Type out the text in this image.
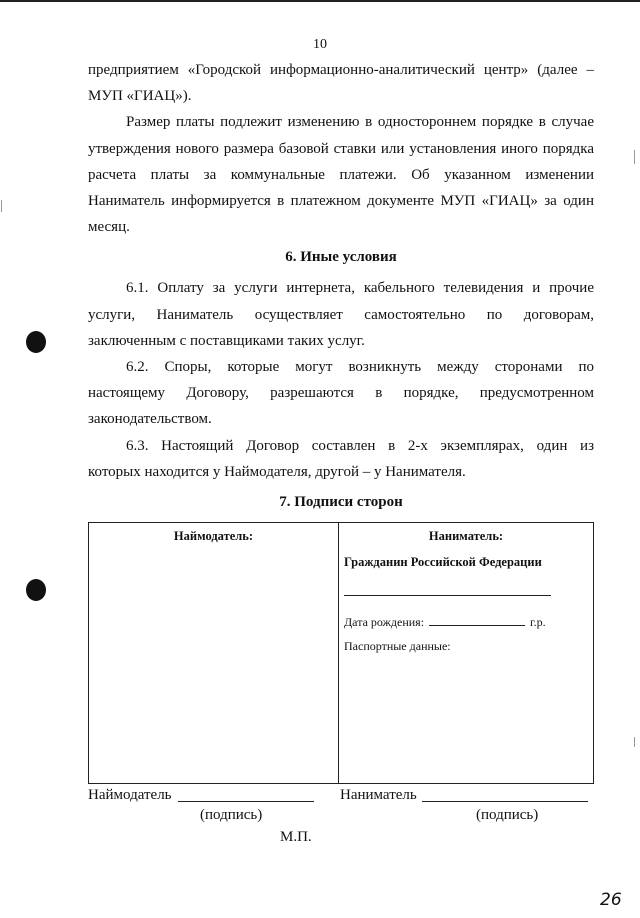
10
предприятием «Городской информационно-аналитический центр» (далее –
МУП «ГИАЦ»).
Размер платы подлежит изменению в одностороннем порядке в случае
утверждения нового размера базовой ставки или установления иного порядка
расчета платы за коммунальные платежи. Об указанном изменении
Наниматель информируется в платежном документе МУП «ГИАЦ» за один
месяц.
6. Иные условия
6.1. Оплату за услуги интернета, кабельного телевидения и прочие
услуги, Наниматель осуществляет самостоятельно по договорам,
заключенным с поставщиками таких услуг.
6.2. Споры, которые могут возникнуть между сторонами по
настоящему Договору, разрешаются в порядке, предусмотренном
законодательством.
6.3. Настоящий Договор составлен в 2-х экземплярах, один из
которых находится у Наймодателя, другой – у Нанимателя.
7. Подписи сторон
Наймодатель:	Наниматель:
Гражданин Российской Федерации
Дата рождения:	г.р.
Паспортные данные:
Наймодатель	Наниматель
(подпись)	(подпись)
М.П.
26
